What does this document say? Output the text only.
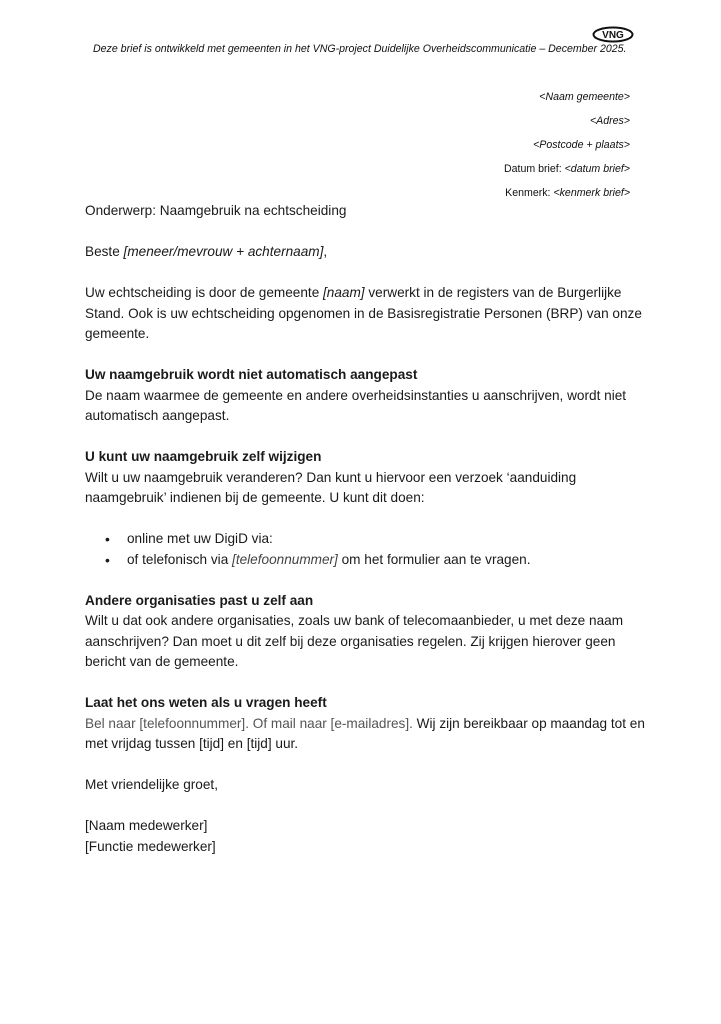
VNG
Deze brief is ontwikkeld met gemeenten in het VNG-project Duidelijke Overheidscommunicatie – December 2025.
<Naam gemeente>
<Adres>
<Postcode + plaats>
Datum brief: <datum brief>
Kenmerk: <kenmerk brief>

Onderwerp: Naamgebruik na echtscheiding

Beste [meneer/mevrouw + achternaam],

Uw echtscheiding is door de gemeente [naam] verwerkt in de registers van de Burgerlijke Stand. Ook is uw echtscheiding opgenomen in de Basisregistratie Personen (BRP) van onze gemeente.

Uw naamgebruik wordt niet automatisch aangepast

De naam waarmee de gemeente en andere overheidsinstanties u aanschrijven, wordt niet automatisch aangepast.

U kunt uw naamgebruik zelf wijzigen

Wilt u uw naamgebruik veranderen? Dan kunt u hiervoor een verzoek ‘aanduiding naamgebruik’ indienen bij de gemeente. U kunt dit doen:

• online met uw DigiD via:
• of telefonisch via [telefoonnummer] om het formulier aan te vragen.
Andere organisaties past u zelf aan

Wilt u dat ook andere organisaties, zoals uw bank of telecomaanbieder, u met deze naam aanschrijven? Dan moet u dit zelf bij deze organisaties regelen. Zij krijgen hierover geen bericht van de gemeente.

Laat het ons weten als u vragen heeft

Bel naar [telefoonnummer]. Of mail naar [e-mailadres]. Wij zijn bereikbaar op maandag tot en met vrijdag tussen [tijd] en [tijd] uur.

Met vriendelijke groet,

[Naam medewerker]

[Functie medewerker]
